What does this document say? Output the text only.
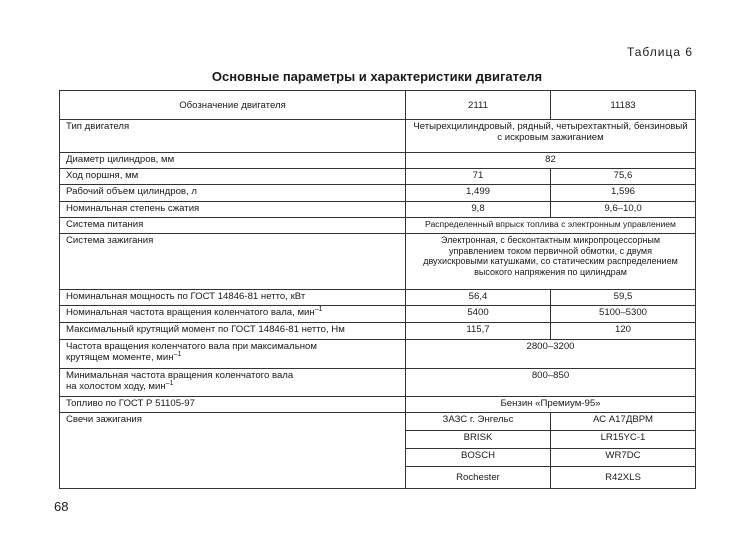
Таблица 6
Основные параметры и характеристики двигателя
Обозначение двигателя	2111	11183
Тип двигателя	Четырехцилиндровый, рядный, четырехтактный, бензиновый с искровым зажиганием	
Диаметр цилиндров, мм	82	
Ход поршня, мм	71	75,6
Рабочий объем цилиндров, л	1,499	1,596
Номинальная степень сжатия	9,8	9,6–10,0
Система питания	Распределенный впрыск топлива с электронным управлением	
Система зажигания	Электронная, с бесконтактным микропроцессорным управлением током первичной обмотки, с двумя двухискровыми катушками, со статическим распределением высокого напряжения по цилиндрам	
Номинальная мощность по ГОСТ 14846-81 нетто, кВт	56,4	59,5
Номинальная частота вращения коленчатого вала, мин$^{-1}$	5400	5100–5300
Максимальный крутящий момент по ГОСТ 14846-81 нетто, Нм	115,7	120
Частота вращения коленчатого вала при максимальном
крутящем моменте, мин$^{-1}$	2800–3200	
Минимальная частота вращения коленчатого вала
на холостом ходу, мин$^{-1}$	800–850	
Топливо по ГОСТ Р 51105-97	Бензин «Премиум-95»	
Свечи зажигания	ЗАЗС г. Энгельс	АС А17ДВРМ
	BRISK	LR15YC-1
	BOSCH	WR7DC
	Rochester	R42XLS
68
